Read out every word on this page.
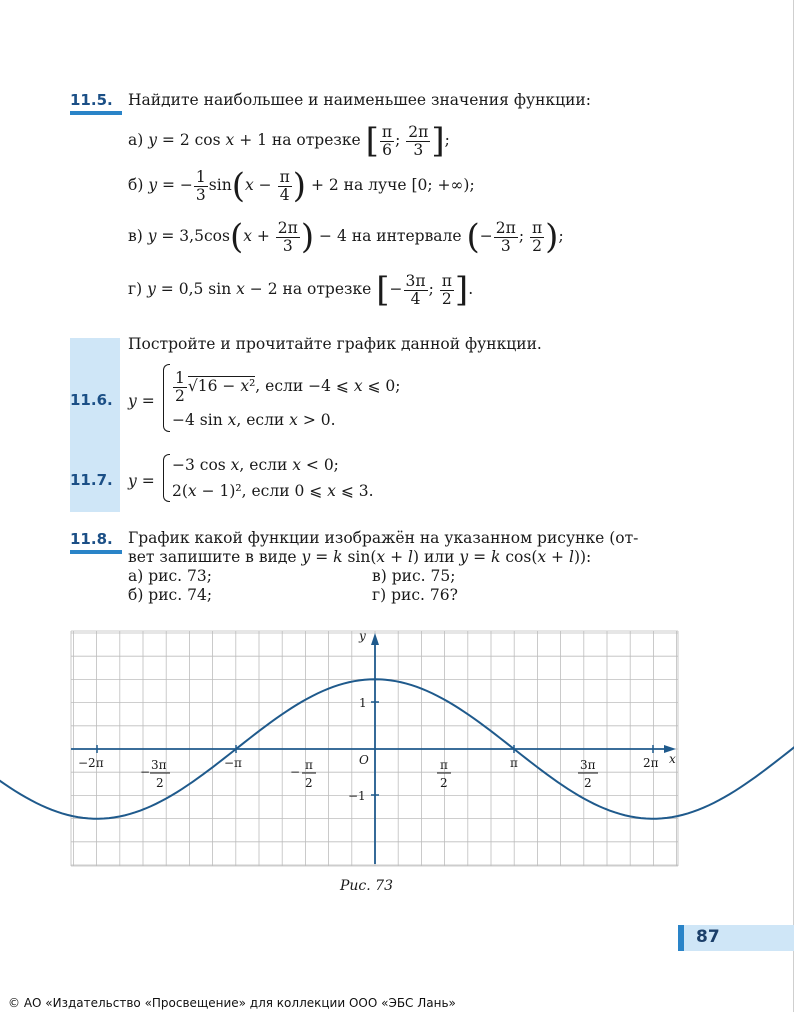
11.5. Найдите наибольшее и наименьшее значения функции:
а) y = 2 cos x + 1 на отрезке [ $\frac{\pi}{6}$ ; $\frac{2\pi}{3}$ ];
б) y = − $\frac{1}{3} \sin(x - \frac{\pi}{4}$ ) + 2 на луче [0; +∞);
в) $y = 3,5\cos(x + \frac{2\pi}{3}$ ) − 4 на интервале (− $\frac{2\pi}{3}$ ; $\frac{\pi}{2}$ );
г) y = 0,5 sin x − 2 на отрезке [− $\frac{3\pi}{4}$ ; $\frac{\pi}{2}$ ].
Постройте и прочитайте график данной функции.
11.6. $y = \frac{1}{2} √16 - x^2$, если −4 ⩽ x ⩽ 0;
−4 sin x, если x > 0.
11.7. y =
−3 cos x, если x < 0;
2(x − 1)², если 0 ⩽ x ⩽ 3.
11.8. График какой функции изображён на указанном рисунке (от-
вет запишите в виде y = k sin(x + l) или y = k cos(x + l)):
а) рис. 73;	в) рис. 75;
б) рис. 74;	г) рис. 76?
−2π
− 3π
2
−π
− π
2
O	π
2
π	3π
2
2π x
y
1
−1
Рис. 73
87
© АО «Издательство «Просвещение» для коллекции ООО «ЭБС Лань»
